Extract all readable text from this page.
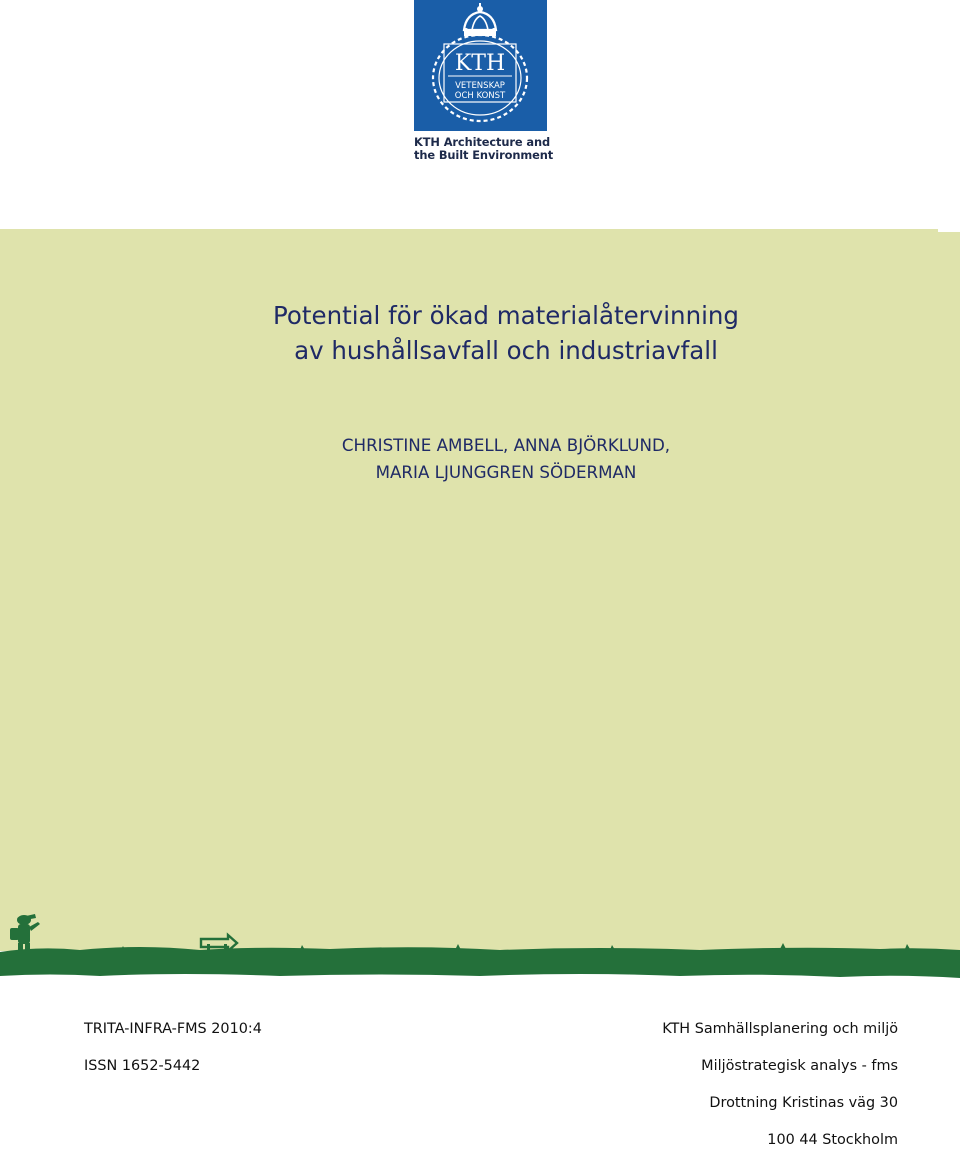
KTH
VETENSKAP
OCH KONST
KTH Architecture and
the Built Environment
Potential för ökad materialåtervinning
av hushållsavfall och industriavfall
CHRISTINE AMBELL, ANNA BJÖRKLUND,
MARIA LJUNGGREN SÖDERMAN
TRITA-INFRA-FMS 2010:4
ISSN 1652-5442
KTH Samhällsplanering och miljö
Miljöstrategisk analys - fms
Drottning Kristinas väg 30
100 44 Stockholm
